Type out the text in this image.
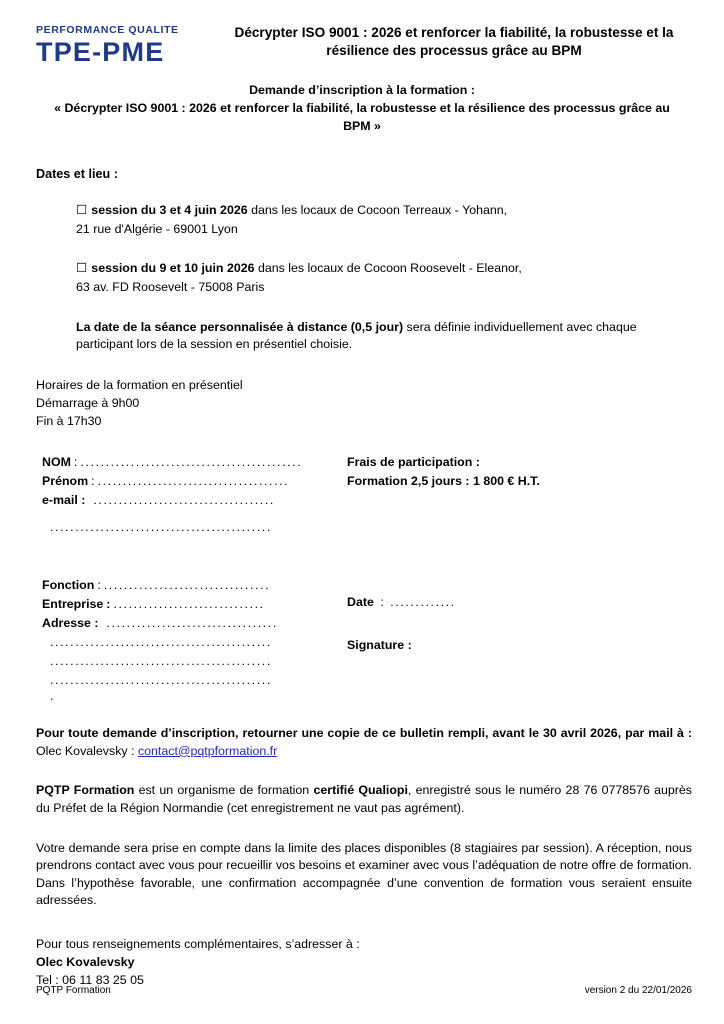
PERFORMANCE QUALITE
TPE-PME
Décrypter ISO 9001 : 2026 et renforcer la fiabilité, la robustesse et la résilience des processus grâce au BPM
Demande d’inscription à la formation :
« Décrypter ISO 9001 : 2026 et renforcer la fiabilité, la robustesse et la résilience des processus grâce au BPM »
Dates et lieu :
☐ session du 3 et 4 juin 2026 dans les locaux de Cocoon Terreaux - Yohann,
21 rue d'Algérie - 69001 Lyon
☐ session du 9 et 10 juin 2026 dans les locaux de Cocoon Roosevelt - Eleanor,
63 av. FD Roosevelt - 75008 Paris
La date de la séance personnalisée à distance (0,5 jour) sera définie individuellement avec chaque participant lors de la session en présentiel choisie.
Horaires de la formation en présentiel
Démarrage à 9h00
Fin à 17h30
NOM : ............................................
Prénom : ......................................
e-mail : ....................................
............................................
Frais de participation :
Formation 2,5 jours : 1 800 € H.T.
Fonction : .................................
Entreprise : ..............................
Adresse : ..................................
............................................
............................................
............................................
.
Date : .............
Signature :
Pour toute demande d’inscription, retourner une copie de ce bulletin rempli, avant le 30 avril 2026, par mail à : Olec Kovalevsky : contact@pqtpformation.fr
PQTP Formation est un organisme de formation certifié Qualiopi, enregistré sous le numéro 28 76 0778576 auprès du Préfet de la Région Normandie (cet enregistrement ne vaut pas agrément).
Votre demande sera prise en compte dans la limite des places disponibles (8 stagiaires par session). A réception, nous prendrons contact avec vous pour recueillir vos besoins et examiner avec vous l’adéquation de notre offre de formation. Dans l’hypothèse favorable, une confirmation accompagnée d’une convention de formation vous seraient ensuite adressées.
Pour tous renseignements complémentaires, s’adresser à :
Olec Kovalevsky
Tel : 06 11 83 25 05
PQTP Formation	version 2 du 22/01/2026
